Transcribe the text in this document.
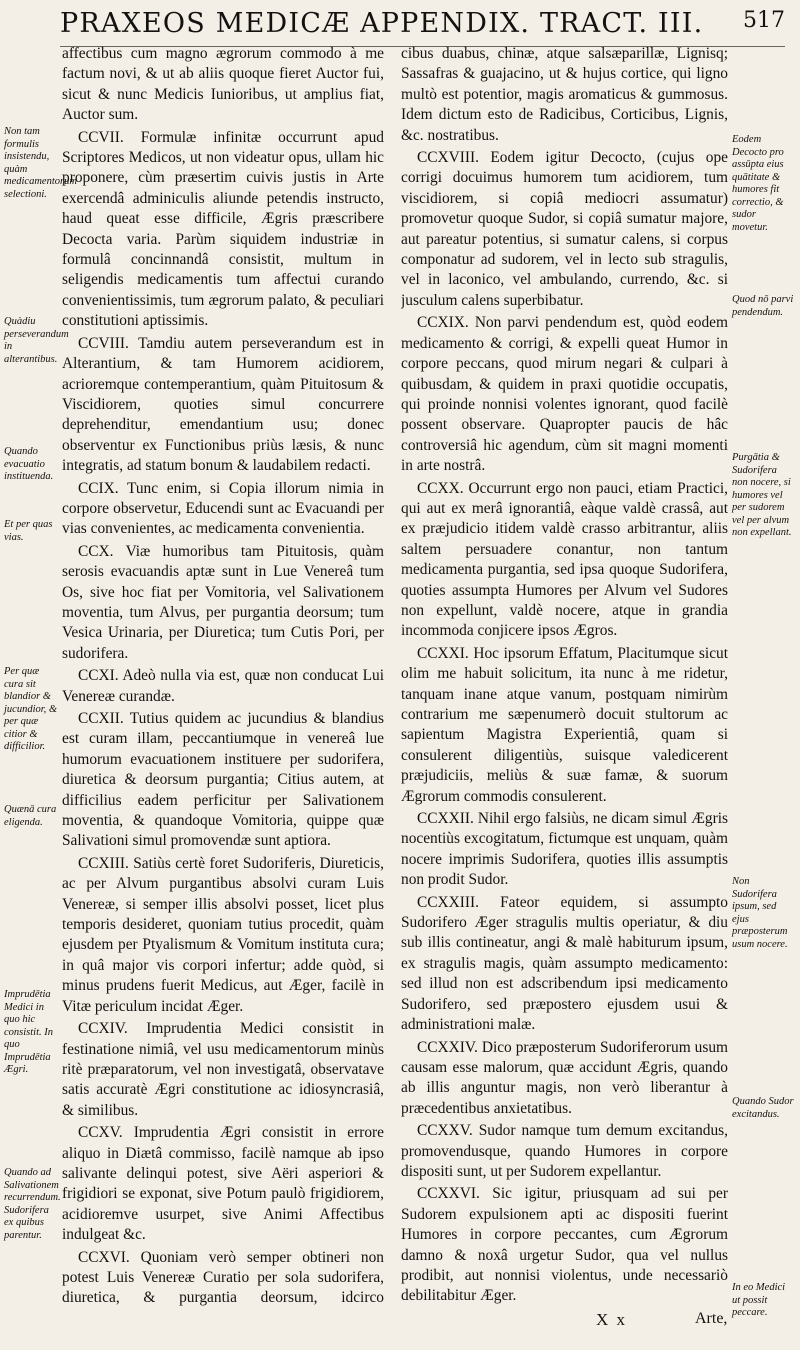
PRAXEOS MEDICÆ APPENDIX. TRACT. III. 517
Non tam formulis insistendu, quàm medicamentorum selectioni.
Quàdiu perseverandum in alterantibus.
Quando evacuatio instituenda.
Et per quas vias.
Per quæ cura sit blandior & jucundior, & per quæ citior & difficilior.
Quænā cura eligenda.
Imprudētia Medici in quo hic consistit. In quo Imprudētia Ægri.
Quando ad Salivationem recurrendum. Sudorifera ex quibus parentur.

affectibus cum magno ægrorum commodo à me factum novi, & ut ab aliis quoque fieret Auctor fui, sicut & nunc Medicis Iunioribus, ut amplius fiat, Auctor sum.

CCVII. Formulæ infinitæ occurrunt apud Scriptores Medicos, ut non videatur opus, ullam hic proponere, cùm præsertim cuivis justis in Arte exercendâ adminiculis aliunde petendis instructo, haud queat esse difficile, Ægris præscribere Decocta varia. Parùm siquidem industriæ in formulâ concinnandâ consistit, multum in seligendis medicamentis tum affectui curando convenientissimis, tum ægrorum palato, & peculiari constitutioni aptissimis.

CCVIII. Tamdiu autem perseverandum est in Alterantium, & tam Humorem acidiorem, acrioremque contemperantium, quàm Pituitosum & Viscidiorem, quoties simul concurrere deprehenditur, emendantium usu; donec observentur ex Functionibus priùs læsis, & nunc integratis, ad statum bonum & laudabilem redacti.

CCIX. Tunc enim, si Copia illorum nimia in corpore observetur, Educendi sunt ac Evacuandi per vias convenientes, ac medicamenta convenientia.

CCX. Viæ humoribus tam Pituitosis, quàm serosis evacuandis aptæ sunt in Lue Venereâ tum Os, sive hoc fiat per Vomitoria, vel Salivationem moventia, tum Alvus, per purgantia deorsum; tum Vesica Urinaria, per Diuretica; tum Cutis Pori, per sudorifera.

CCXI. Adeò nulla via est, quæ non conducat Lui Venereæ curandæ.

CCXII. Tutius quidem ac jucundius & blandius est curam illam, peccantiumque in venereâ lue humorum evacuationem instituere per sudorifera, diuretica & deorsum purgantia; Citius autem, at difficilius eadem perficitur per Salivationem moventia, & quandoque Vomitoria, quippe quæ Salivationi simul promovendæ sunt aptiora.

CCXIII. Satiùs certè foret Sudoriferis, Diureticis, ac per Alvum purgantibus absolvi curam Luis Venereæ, si semper illis absolvi posset, licet plus temporis desideret, quoniam tutius procedit, quàm ejusdem per Ptyalismum & Vomitum instituta cura; in quâ major vis corpori infertur; adde quòd, si minus prudens fuerit Medicus, aut Æger, facilè in Vitæ periculum incidat Æger.

CCXIV. Imprudentia Medici consistit in festinatione nimiâ, vel usu medicamentorum minùs ritè præparatorum, vel non investigatâ, observatave satis accuratè Ægri constitutione ac idiosyncrasiâ, & similibus.

CCXV. Imprudentia Ægri consistit in errore aliquo in Diætâ commisso, facilè namque ab ipso salivante delinqui potest, sive Aëri asperiori & frigidiori se exponat, sive Potum paulò frigidiorem, acidioremve usurpet, sive Animi Affectibus indulgeat &c.

CCXVI. Quoniam verò semper obtineri non potest Luis Venereæ Curatio per sola sudorifera, diuretica, & purgantia deorsum, idcirco

cibus duabus, chinæ, atque salsæparillæ, Lignisq; Sassafras & guajacino, ut & hujus cortice, qui ligno multò est potentior, magis aromaticus & gummosus. Idem dictum esto de Radicibus, Corticibus, Lignis, &c. nostratibus.

CCXVIII. Eodem igitur Decocto, (cujus ope corrigi docuimus humorem tum acidiorem, tum viscidiorem, si copiâ mediocri assumatur) promovetur quoque Sudor, si copiâ sumatur majore, aut pareatur potentius, si sumatur calens, si corpus componatur ad sudorem, vel in lecto sub stragulis, vel in laconico, vel ambulando, currendo, &c. si jusculum calens superbibatur.

CCXIX. Non parvi pendendum est, quòd eodem medicamento & corrigi, & expelli queat Humor in corpore peccans, quod mirum negari & culpari à quibusdam, & quidem in praxi quotidie occupatis, qui proinde nonnisi volentes ignorant, quod facilè possent observare. Quapropter paucis de hâc controversiâ hic agendum, cùm sit magni momenti in arte nostrâ.

CCXX. Occurrunt ergo non pauci, etiam Practici, qui aut ex merâ ignorantiâ, eàque valdè crassâ, aut ex præjudicio itidem valdè crasso arbitrantur, aliis saltem persuadere conantur, non tantum medicamenta purgantia, sed ipsa quoque Sudorifera, quoties assumpta Humores per Alvum vel Sudores non expellunt, valdè nocere, atque in grandia incommoda conjicere ipsos Ægros.

CCXXI. Hoc ipsorum Effatum, Placitumque sicut olim me habuit solicitum, ita nunc à me ridetur, tanquam inane atque vanum, postquam nimirùm contrarium me sæpenumerò docuit stultorum ac sapientum Magistra Experientiâ, quam si consulerent diligentiùs, suisque valedicerent præjudiciis, meliùs & suæ famæ, & suorum Ægrorum commodis consulerent.

CCXXII. Nihil ergo falsiùs, ne dicam simul Ægris nocentiùs excogitatum, fictumque est unquam, quàm nocere imprimis Sudorifera, quoties illis assumptis non prodit Sudor.

CCXXIII. Fateor equidem, si assumpto Sudorifero Æger stragulis multis operiatur, & diu sub illis contineatur, angi & malè habiturum ipsum, ex stragulis magis, quàm assumpto medicamento: sed illud non est adscribendum ipsi medicamento Sudorifero, sed præpostero ejusdem usui & administrationi malæ.

CCXXIV. Dico præposterum Sudoriferorum usum causam esse malorum, quæ accidunt Ægris, quando ab illis anguntur magis, non verò liberantur à præcedentibus anxietatibus.

CCXXV. Sudor namque tum demum excitandus, promovendusque, quando Humores in corpore dispositi sunt, ut per Sudorem expellantur.

CCXXVI. Sic igitur, priusquam ad sui per Sudorem expulsionem apti ac dispositi fuerint Humores in corpore peccantes, cum Ægrorum damno & noxâ urgetur Sudor, qua vel nullus prodibit, aut nonnisi violentus, unde necessariò debilitabitur Æger.

Eodem Decocto pro assūpta eius quātitate & humores fit correctio, & sudor movetur.
Quod nō parvi pendendum.
Purgātia & Sudorifera non nocere, si humores vel per sudorem vel per alvum non expellant.
Non Sudorifera ipsum, sed ejus præposterum usum nocere.
Quando Sudor excitandus.
In eo Medici ut possit peccare.
X x	Arte,
